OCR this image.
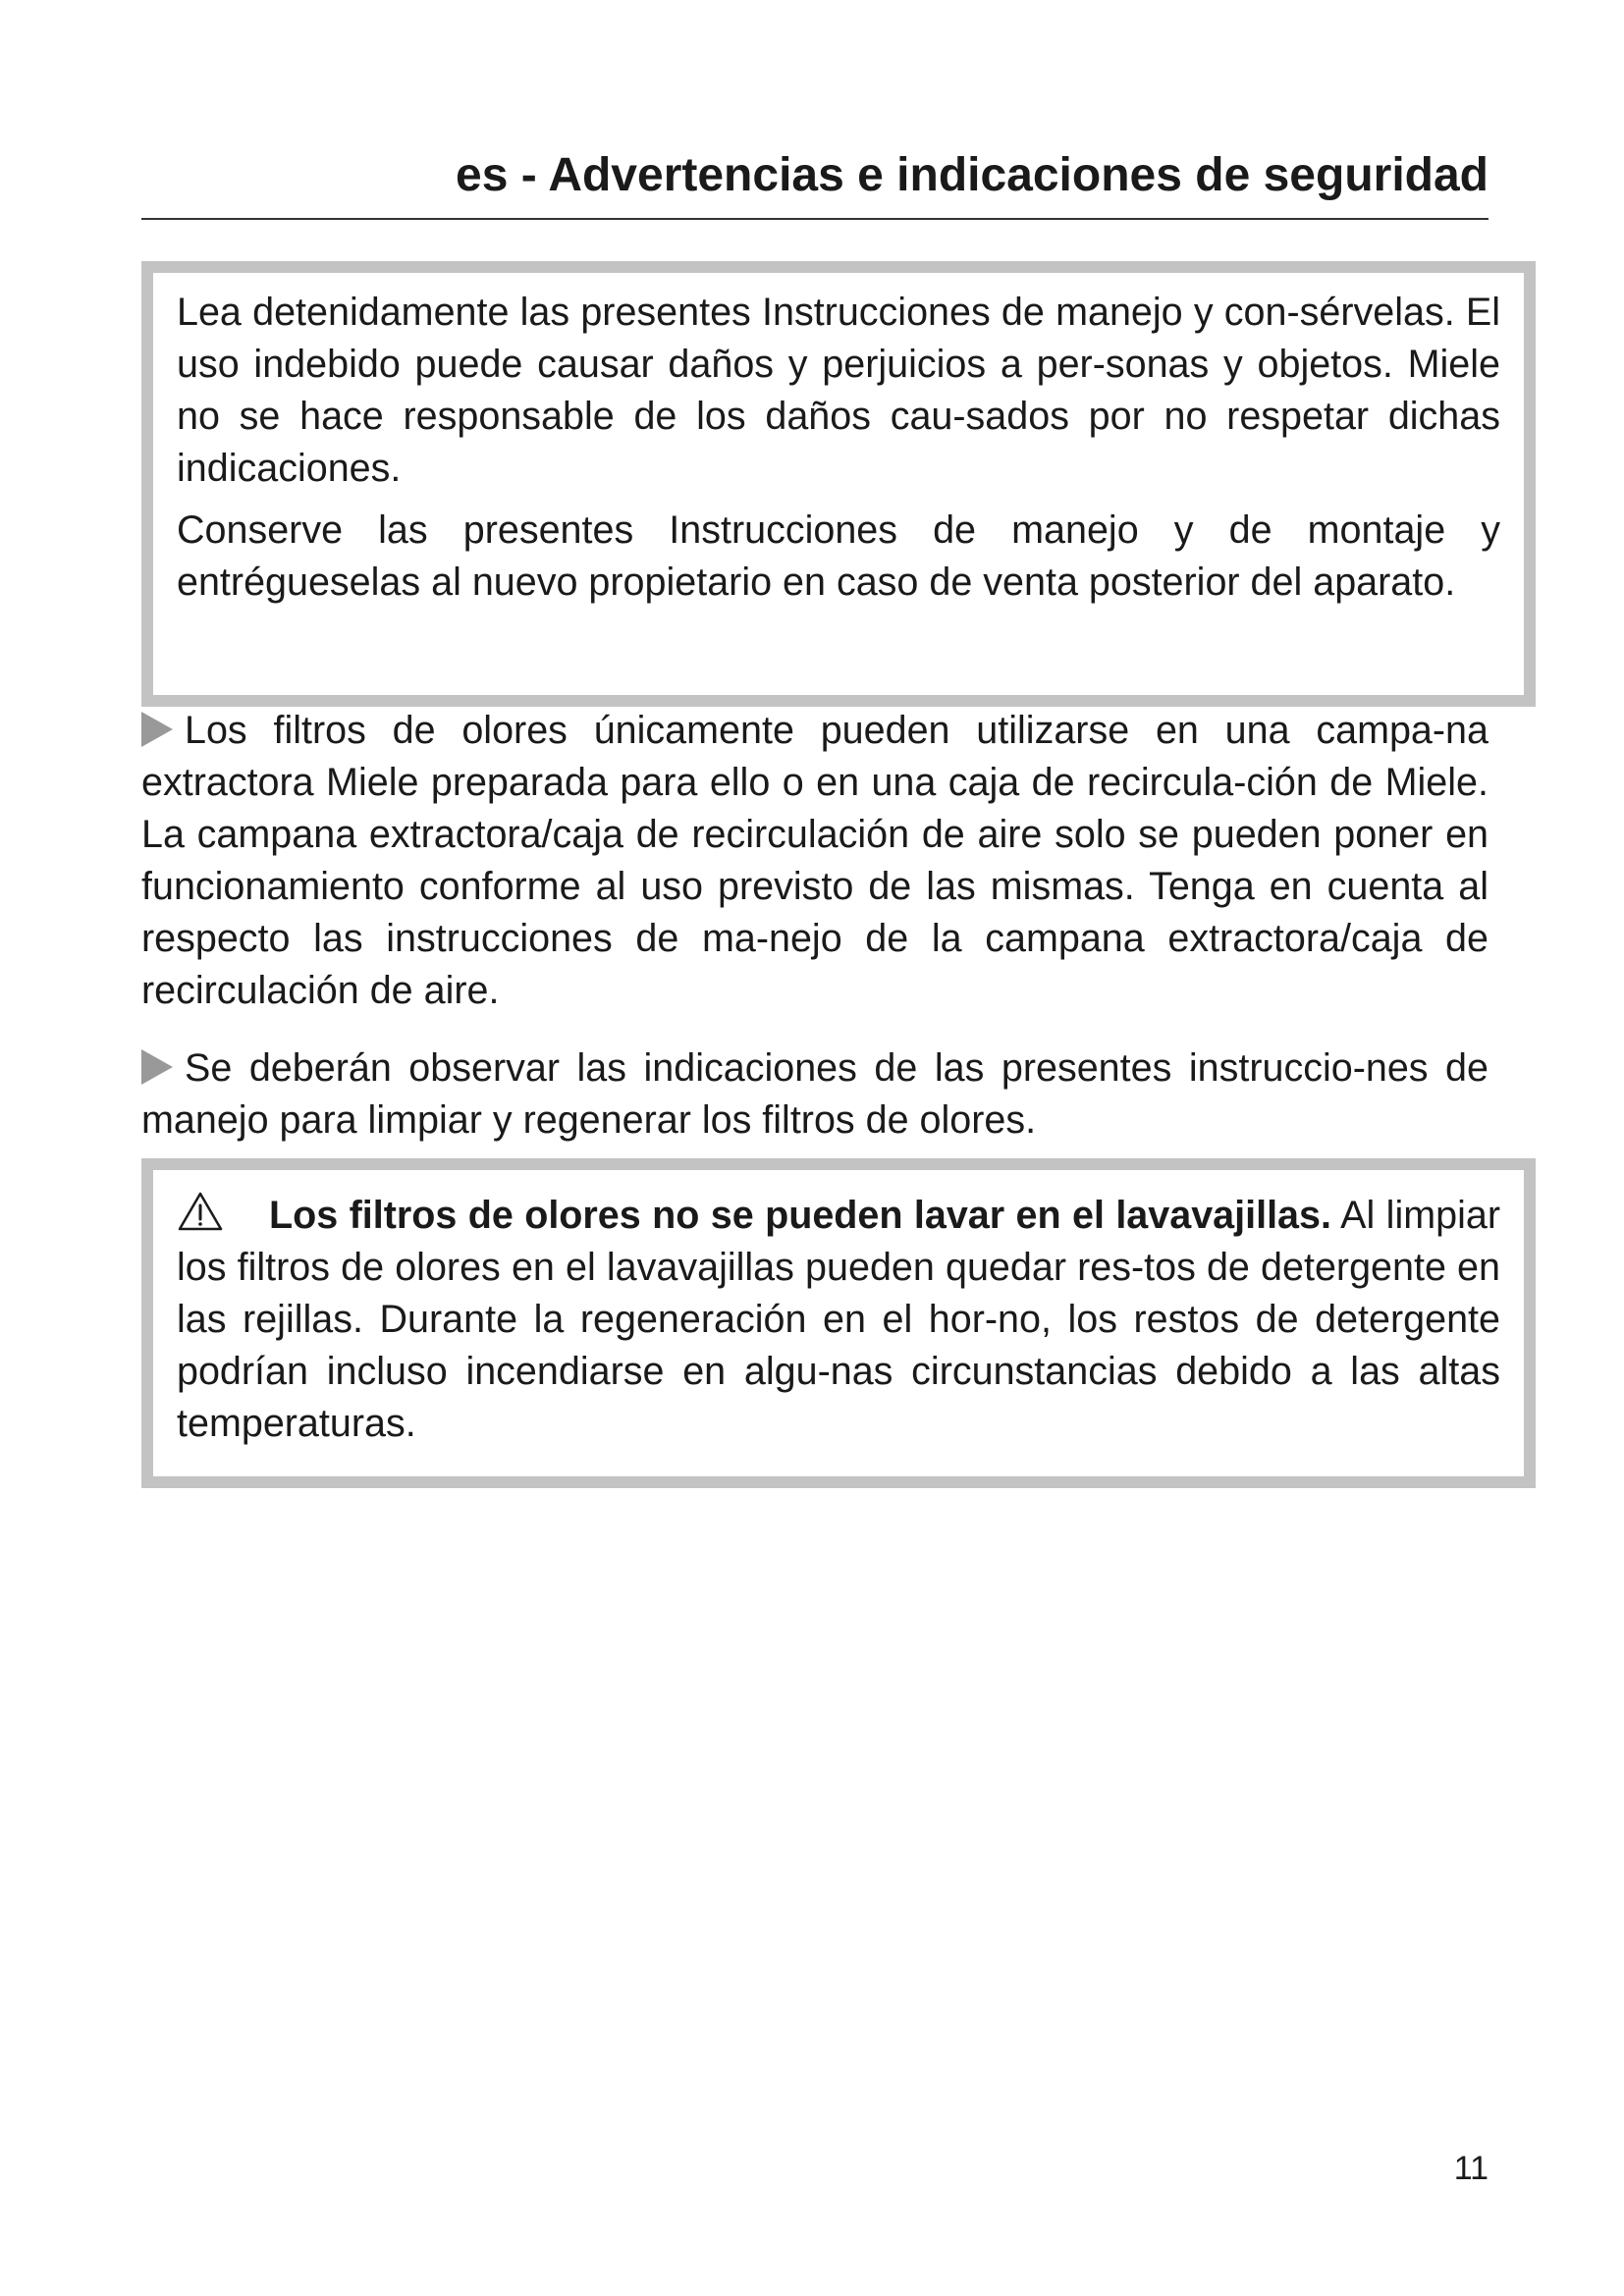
es - Advertencias e indicaciones de seguridad

Lea detenidamente las presentes Instrucciones de manejo y con-sérvelas. El uso indebido puede causar daños y perjuicios a per-sonas y objetos. Miele no se hace responsable de los daños cau-sados por no respetar dichas indicaciones.

Conserve las presentes Instrucciones de manejo y de montaje y entrégueselas al nuevo propietario en caso de venta posterior del aparato.

Los filtros de olores únicamente pueden utilizarse en una campa-na extractora Miele preparada para ello o en una caja de recircula-ción de Miele. La campana extractora/caja de recirculación de aire solo se pueden poner en funcionamiento conforme al uso previsto de las mismas. Tenga en cuenta al respecto las instrucciones de ma-nejo de la campana extractora/caja de recirculación de aire.

Se deberán observar las indicaciones de las presentes instruccio-nes de manejo para limpiar y regenerar los filtros de olores.

Los filtros de olores no se pueden lavar en el lavavajillas. Al limpiar los filtros de olores en el lavavajillas pueden quedar res-tos de detergente en las rejillas. Durante la regeneración en el hor-no, los restos de detergente podrían incluso incendiarse en algu-nas circunstancias debido a las altas temperaturas.

11
